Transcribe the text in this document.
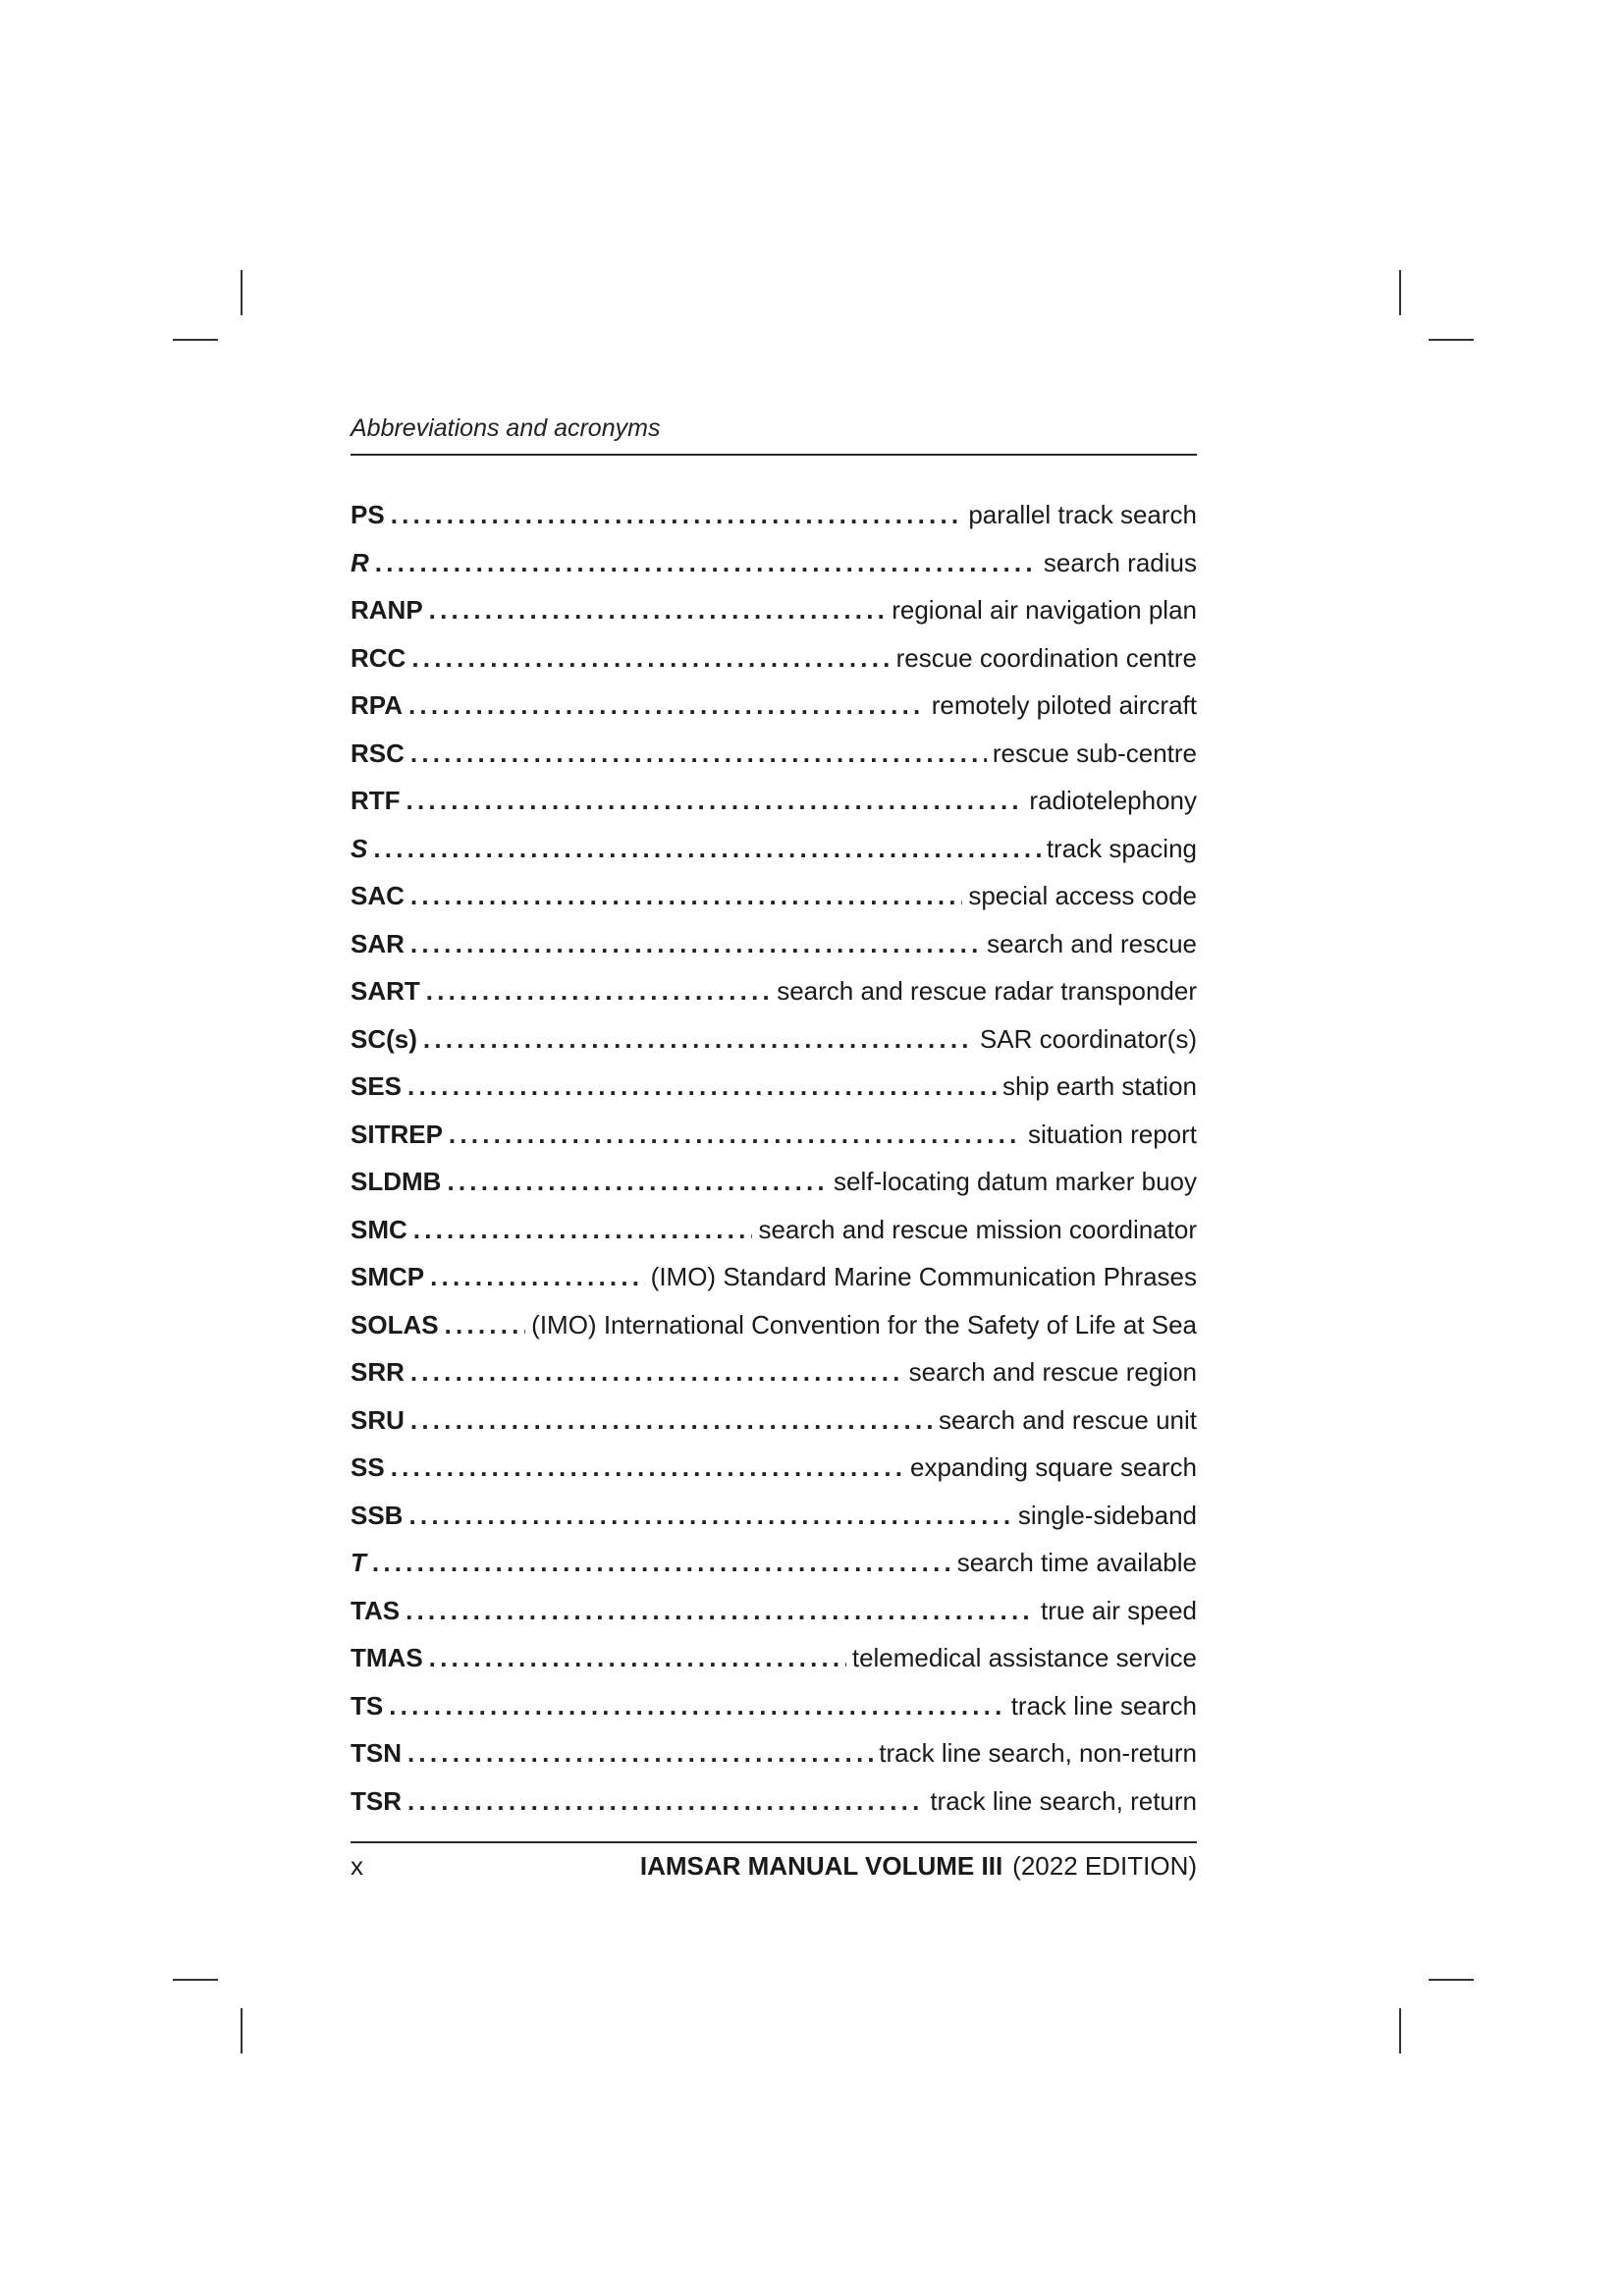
Abbreviations and acronyms
PS .....	parallel track search
R .....	search radius
RANP .....	regional air navigation plan
RCC .....	rescue coordination centre
RPA .....	remotely piloted aircraft
RSC .....	rescue sub-centre
RTF .....	radiotelephony
S .....	track spacing
SAC .....	special access code
SAR .....	search and rescue
SART .....	search and rescue radar transponder
SC(s) .....	SAR coordinator(s)
SES .....	ship earth station
SITREP .....	situation report
SLDMB .....	self-locating datum marker buoy
SMC .....	search and rescue mission coordinator
SMCP .....	(IMO) Standard Marine Communication Phrases
SOLAS .....	(IMO) International Convention for the Safety of Life at Sea
SRR .....	search and rescue region
SRU .....	search and rescue unit
SS .....	expanding square search
SSB .....	single-sideband
T .....	search time available
TAS .....	true air speed
TMAS .....	telemedical assistance service
TS .....	track line search
TSN .....	track line search, non-return
TSR .....	track line search, return
x	IAMSAR MANUAL VOLUME III (2022 EDITION)
